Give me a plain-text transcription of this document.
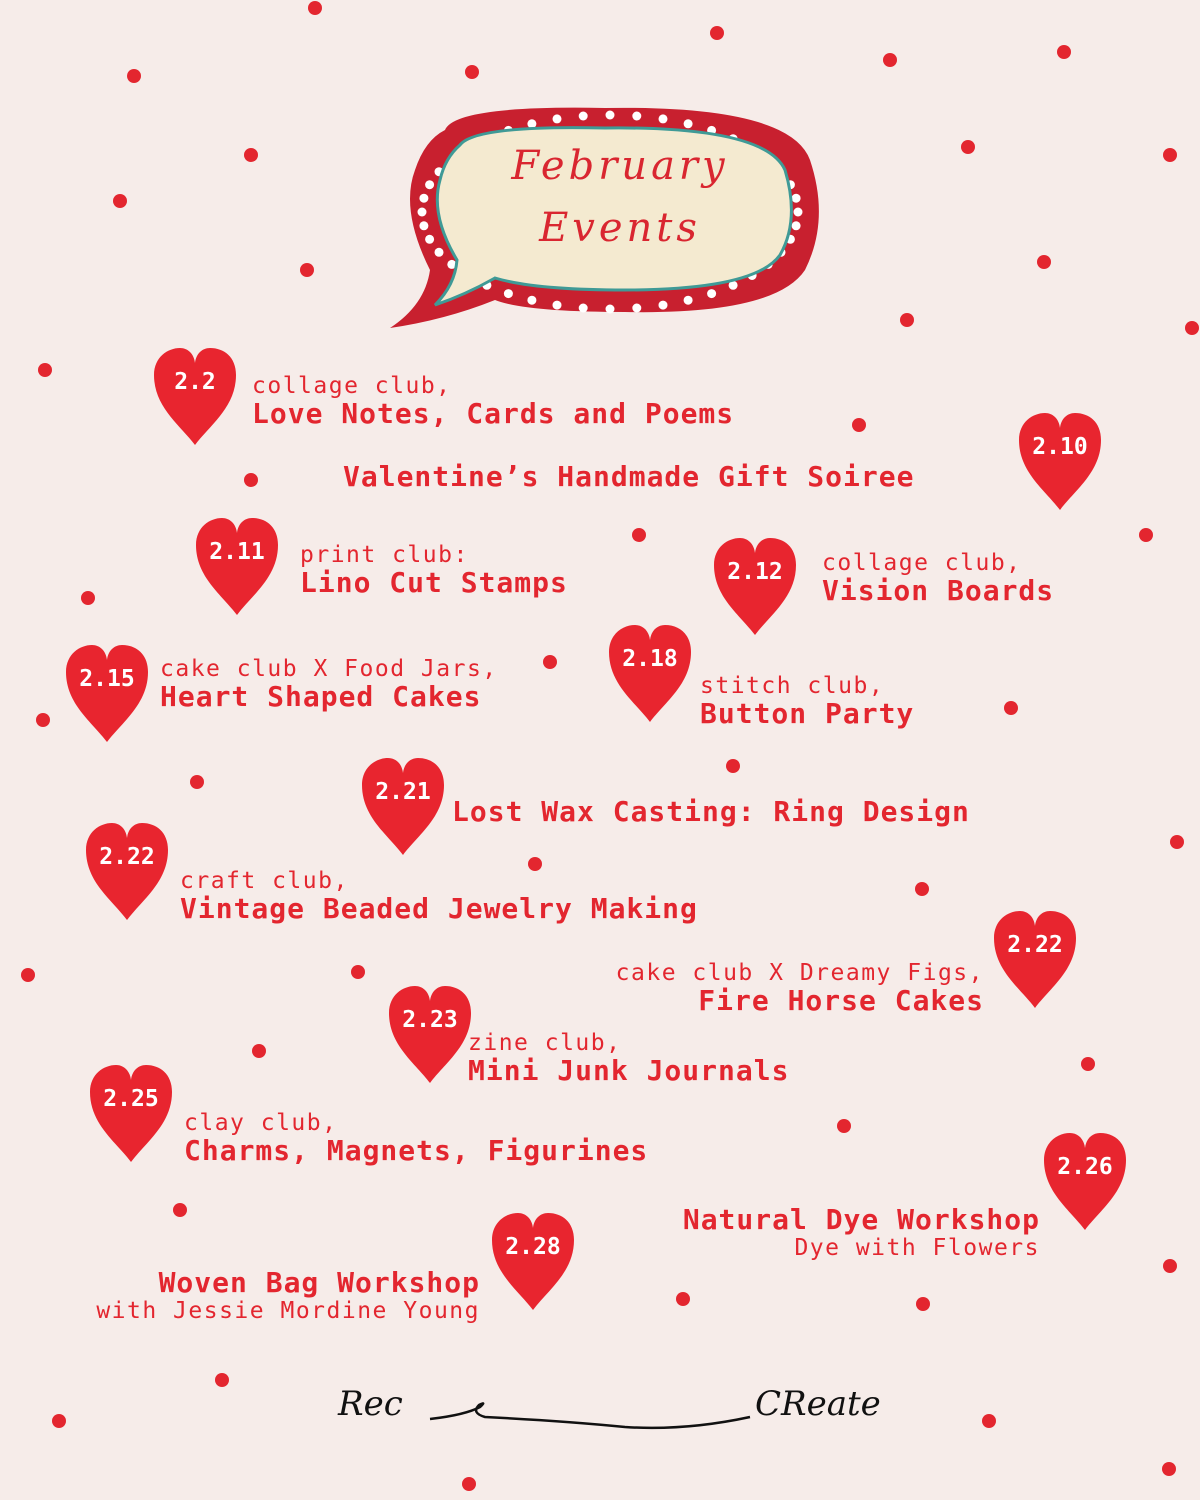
February
Events
2.2	collage club,
Love Notes, Cards and Poems
2.10
Valentine’s Handmade Gift Soiree
2.11	print club:
Lino Cut Stamps	2.12	collage club,
Vision Boards
2.15	cake club X Food Jars,
Heart Shaped Cakes
2.18
stitch club,
Button Party
2.21
Lost Wax Casting: Ring Design
2.22
craft club,
Vintage Beaded Jewelry Making
2.22
cake club X Dreamy Figs,
Fire Horse Cakes
2.23
zine club,
Mini Junk Journals
2.25
clay club,
Charms, Magnets, Figurines	2.26
Natural Dye Workshop
Dye with Flowers
2.28
Woven Bag Workshop
with Jessie Mordine Young
Rec	CReate
